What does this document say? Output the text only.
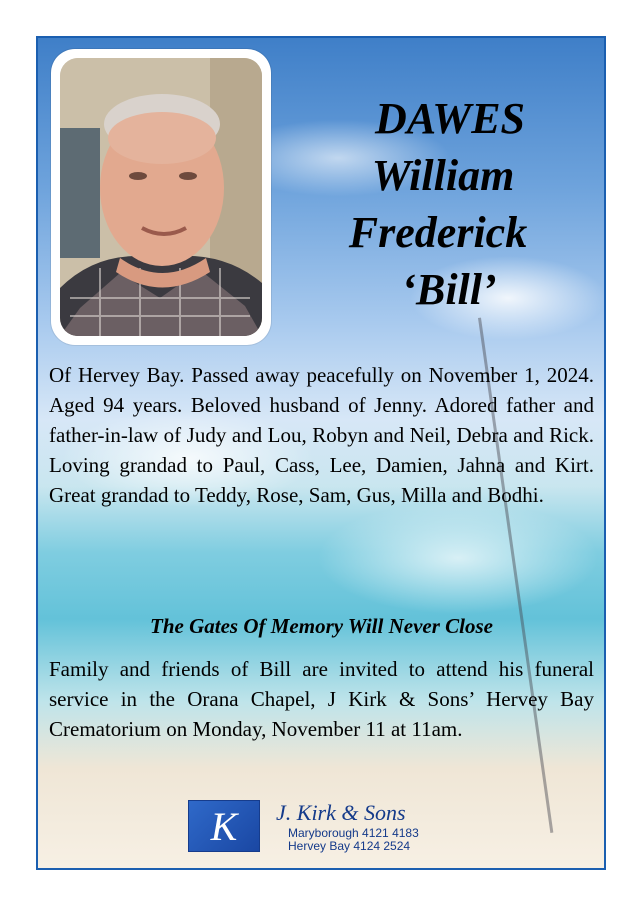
DAWES
William
Frederick
‘Bill’
Of Hervey Bay. Passed away peacefully on November 1, 2024. Aged 94 years. Beloved husband of Jenny. Adored father and father-in-law of Judy and Lou, Robyn and Neil, Debra and Rick. Loving grandad to Paul, Cass, Lee, Damien, Jahna and Kirt. Great grandad to Teddy, Rose, Sam, Gus, Milla and Bodhi.
The Gates Of Memory Will Never Close
Family and friends of Bill are invited to attend his funeral service in the Orana Chapel, J Kirk & Sons’ Hervey Bay Crematorium on Monday, November 11 at 11am.
K	J. Kirk & Sons
Maryborough 4121 4183
Hervey Bay 4124 2524
